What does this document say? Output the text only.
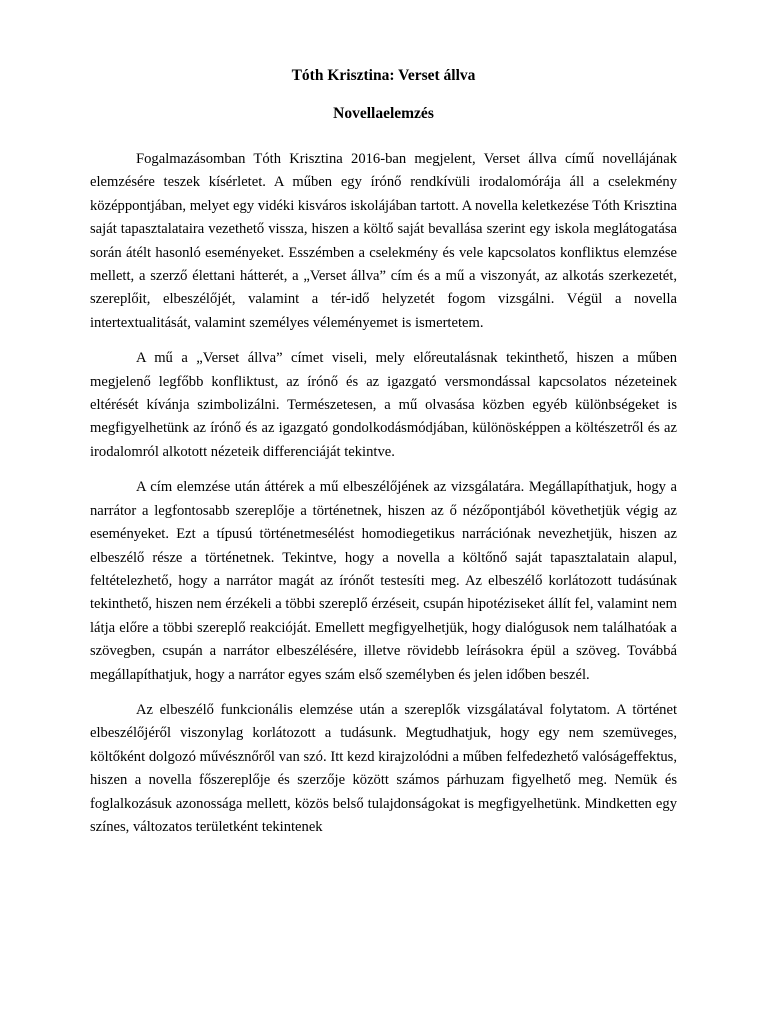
Tóth Krisztina: Verset állva
Novellaelemzés

Fogalmazásomban Tóth Krisztina 2016-ban megjelent, Verset állva című novellájának elemzésére teszek kísérletet. A műben egy írónő rendkívüli irodalomórája áll a cselekmény középpontjában, melyet egy vidéki kisváros iskolájában tartott. A novella keletkezése Tóth Krisztina saját tapasztalataira vezethető vissza, hiszen a költő saját bevallása szerint egy iskola meglátogatása során átélt hasonló eseményeket. Esszémben a cselekmény és vele kapcsolatos konfliktus elemzése mellett, a szerző élettani hátterét, a „Verset állva” cím és a mű a viszonyát, az alkotás szerkezetét, szereplőit, elbeszélőjét, valamint a tér-idő helyzetét fogom vizsgálni. Végül a novella intertextualitását, valamint személyes véleményemet is ismertetem.

A mű a „Verset állva” címet viseli, mely előreutalásnak tekinthető, hiszen a műben megjelenő legfőbb konfliktust, az írónő és az igazgató versmondással kapcsolatos nézeteinek eltérését kívánja szimbolizálni. Természetesen, a mű olvasása közben egyéb különbségeket is megfigyelhetünk az írónő és az igazgató gondolkodásmódjában, különösképpen a költészetről és az irodalomról alkotott nézeteik differenciáját tekintve.

A cím elemzése után áttérek a mű elbeszélőjének az vizsgálatára. Megállapíthatjuk, hogy a narrátor a legfontosabb szereplője a történetnek, hiszen az ő nézőpontjából követhetjük végig az eseményeket. Ezt a típusú történetmesélést homodiegetikus narrációnak nevezhetjük, hiszen az elbeszélő része a történetnek. Tekintve, hogy a novella a költőnő saját tapasztalatain alapul, feltételezhető, hogy a narrátor magát az írónőt testesíti meg. Az elbeszélő korlátozott tudásúnak tekinthető, hiszen nem érzékeli a többi szereplő érzéseit, csupán hipotéziseket állít fel, valamint nem látja előre a többi szereplő reakcióját. Emellett megfigyelhetjük, hogy dialógusok nem találhatóak a szövegben, csupán a narrátor elbeszélésére, illetve rövidebb leírásokra épül a szöveg. Továbbá megállapíthatjuk, hogy a narrátor egyes szám első személyben és jelen időben beszél.

Az elbeszélő funkcionális elemzése után a szereplők vizsgálatával folytatom. A történet elbeszélőjéről viszonylag korlátozott a tudásunk. Megtudhatjuk, hogy egy nem szemüveges, költőként dolgozó művésznőről van szó. Itt kezd kirajzolódni a műben felfedezhető valóságeffektus, hiszen a novella főszereplője és szerzője között számos párhuzam figyelhető meg. Nemük és foglalkozásuk azonossága mellett, közös belső tulajdonságokat is megfigyelhetünk. Mindketten egy színes, változatos területként tekintenek
